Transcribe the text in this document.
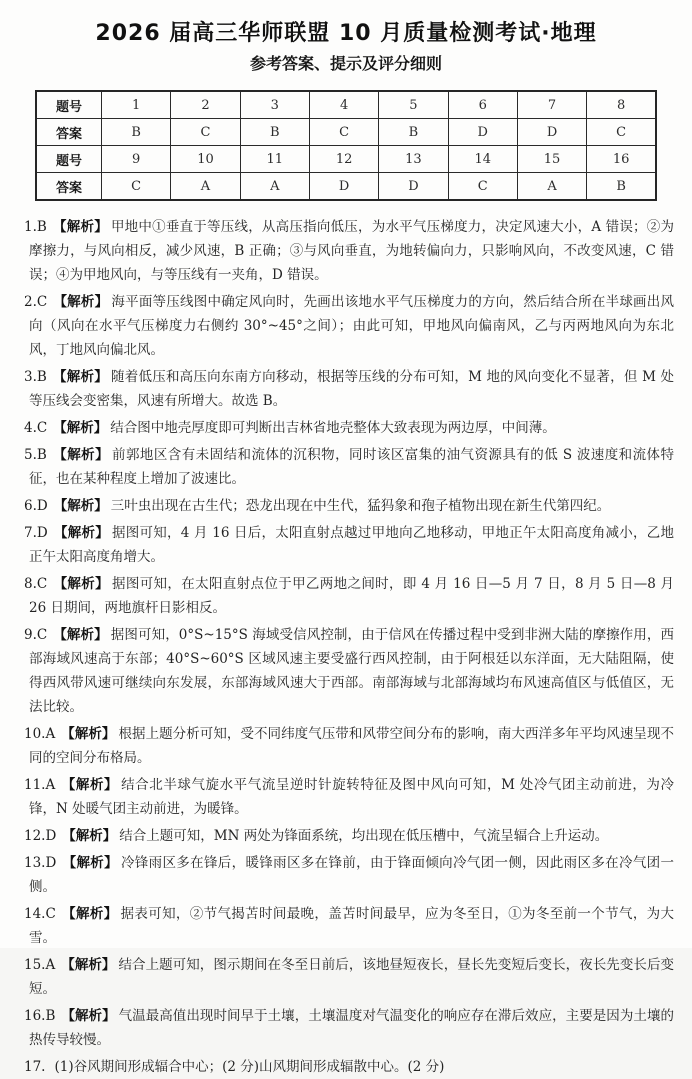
2026 届高三华师联盟 10 月质量检测考试·地理
参考答案、提示及评分细则
题号	1	2	3	4	5	6	7	8
答案	B	C	B	C	B	D	D	C
题号	9	10	11	12	13	14	15	16
答案	C	A	A	D	D	C	A	B

1.B 【解析】 甲地中①垂直于等压线，从高压指向低压，为水平气压梯度力，决定风速大小，A 错误；②为摩擦力，与风向相反，减少风速，B 正确；③与风向垂直，为地转偏向力，只影响风向，不改变风速，C 错误；④为甲地风向，与等压线有一夹角，D 错误。

2.C 【解析】 海平面等压线图中确定风向时，先画出该地水平气压梯度力的方向，然后结合所在半球画出风向（风向在水平气压梯度力右侧约 30°~45°之间）；由此可知，甲地风向偏南风，乙与丙两地风向为东北风，丁地风向偏北风。

3.B 【解析】 随着低压和高压向东南方向移动，根据等压线的分布可知，M 地的风向变化不显著，但 M 处等压线会变密集，风速有所增大。故选 B。

4.C 【解析】 结合图中地壳厚度即可判断出吉林省地壳整体大致表现为两边厚，中间薄。

5.B 【解析】 前郭地区含有未固结和流体的沉积物，同时该区富集的油气资源具有的低 S 波速度和流体特征，也在某种程度上增加了波速比。

6.D 【解析】 三叶虫出现在古生代；恐龙出现在中生代，猛犸象和孢子植物出现在新生代第四纪。

7.D 【解析】 据图可知，4 月 16 日后，太阳直射点越过甲地向乙地移动，甲地正午太阳高度角减小，乙地正午太阳高度角增大。

8.C 【解析】 据图可知，在太阳直射点位于甲乙两地之间时，即 4 月 16 日—5 月 7 日，8 月 5 日—8 月 26 日期间，两地旗杆日影相反。

9.C 【解析】 据图可知，0°S~15°S 海域受信风控制，由于信风在传播过程中受到非洲大陆的摩擦作用，西部海域风速高于东部；40°S~60°S 区域风速主要受盛行西风控制，由于阿根廷以东洋面，无大陆阻隔，使得西风带风速可继续向东发展，东部海域风速大于西部。南部海域与北部海域均布风速高值区与低值区，无法比较。

10.A 【解析】 根据上题分析可知，受不同纬度气压带和风带空间分布的影响，南大西洋多年平均风速呈现不同的空间分布格局。

11.A 【解析】 结合北半球气旋水平气流呈逆时针旋转特征及图中风向可知，M 处冷气团主动前进，为冷锋，N 处暖气团主动前进，为暖锋。

12.D 【解析】 结合上题可知，MN 两处为锋面系统，均出现在低压槽中，气流呈辐合上升运动。

13.D 【解析】 冷锋雨区多在锋后，暖锋雨区多在锋前，由于锋面倾向冷气团一侧，因此雨区多在冷气团一侧。

14.C 【解析】 据表可知，②节气揭苫时间最晚，盖苫时间最早，应为冬至日，①为冬至前一个节气，为大雪。

15.A 【解析】 结合上题可知，图示期间在冬至日前后，该地昼短夜长，昼长先变短后变长，夜长先变长后变短。

16.B 【解析】 气温最高值出现时间早于土壤，土壤温度对气温变化的响应存在滞后效应，主要是因为土壤的热传导较慢。

17. (1)谷风期间形成辐合中心；(2 分)山风期间形成辐散中心。(2 分)
